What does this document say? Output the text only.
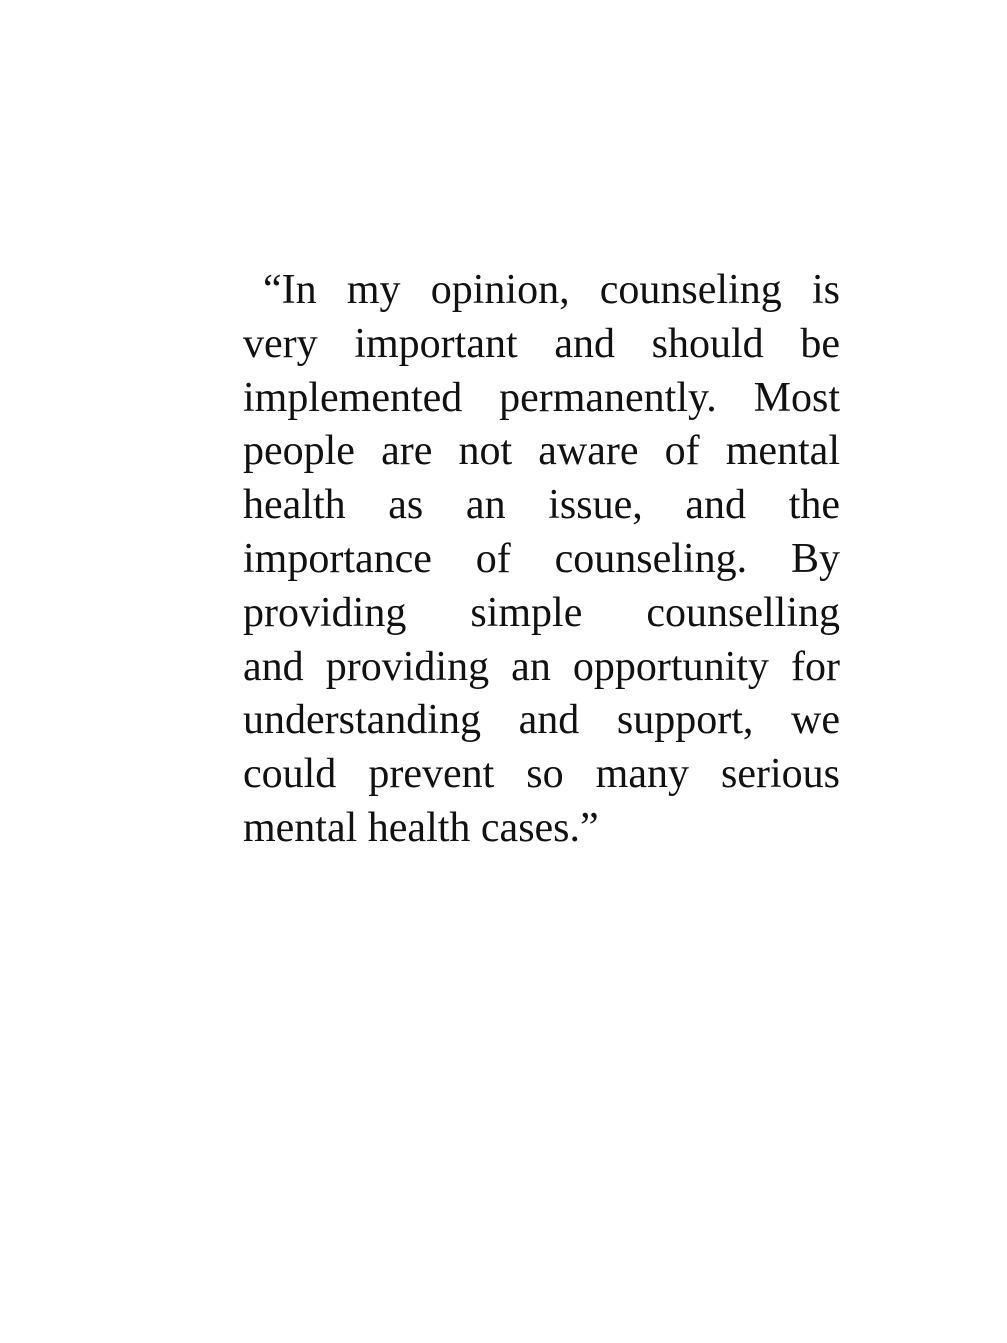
“In my opinion, counseling is
very important and should be
implemented permanently. Most
people are not aware of mental
health as an issue, and the
importance of counseling. By
providing simple counselling
and providing an opportunity for
understanding and support, we
could prevent so many serious
mental health cases.”
